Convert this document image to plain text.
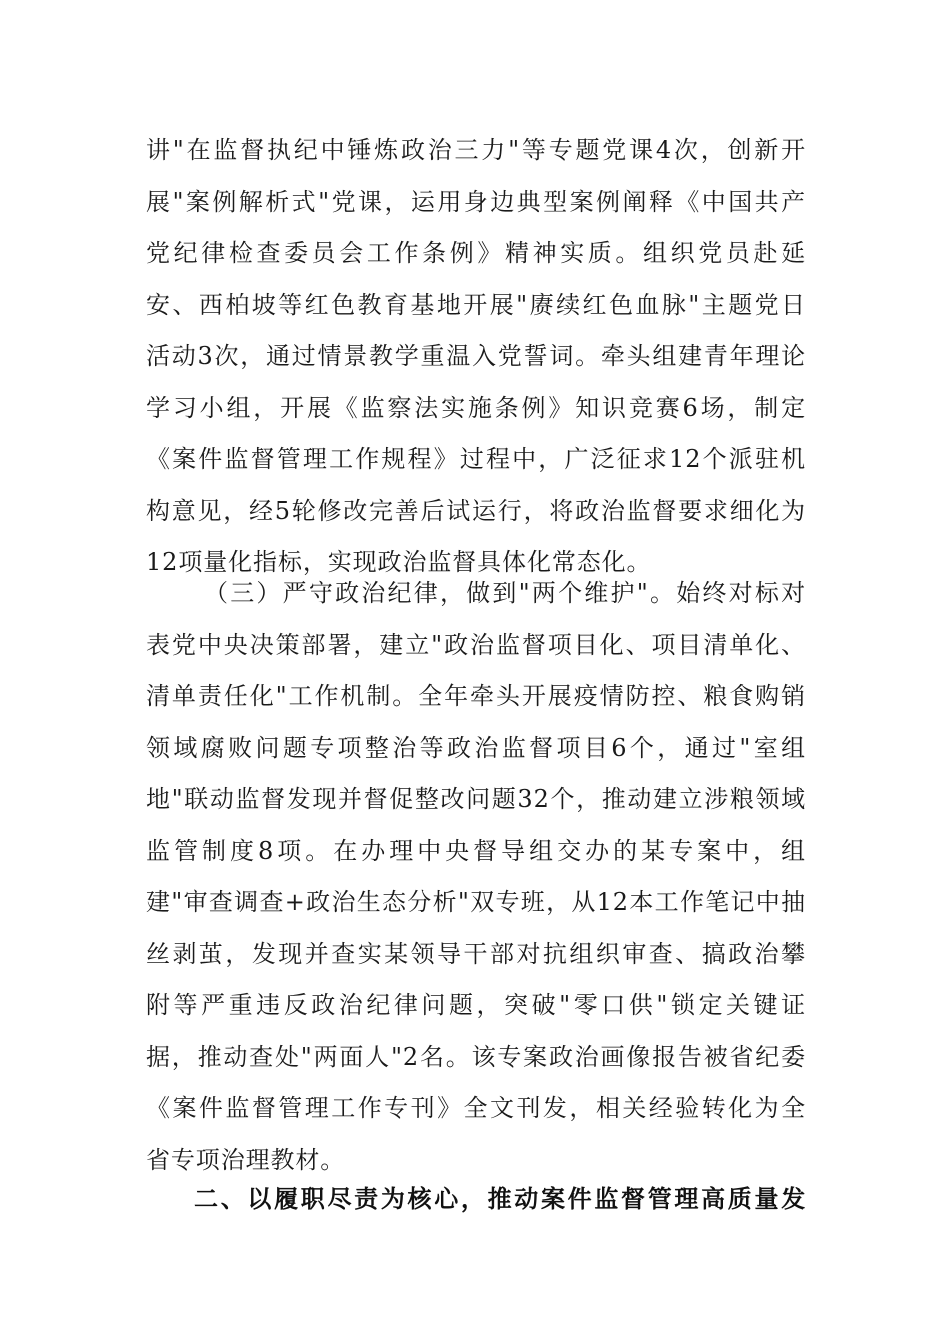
讲"在监督执纪中锤炼政治三力"等专题党课4次，创新开
展"案例解析式"党课，运用身边典型案例阐释《中国共产
党纪律检查委员会工作条例》精神实质。组织党员赴延
安、西柏坡等红色教育基地开展"赓续红色血脉"主题党日
活动3次，通过情景教学重温入党誓词。牵头组建青年理论
学习小组，开展《监察法实施条例》知识竞赛6场，制定
《案件监督管理工作规程》过程中，广泛征求12个派驻机
构意见，经5轮修改完善后试运行，将政治监督要求细化为
12项量化指标，实现政治监督具体化常态化。
（三）严守政治纪律，做到"两个维护"。始终对标对
表党中央决策部署，建立"政治监督项目化、项目清单化、
清单责任化"工作机制。全年牵头开展疫情防控、粮食购销
领域腐败问题专项整治等政治监督项目6个，通过"室组
地"联动监督发现并督促整改问题32个，推动建立涉粮领域
监管制度8项。在办理中央督导组交办的某专案中，组
建"审查调查+政治生态分析"双专班，从12本工作笔记中抽
丝剥茧，发现并查实某领导干部对抗组织审查、搞政治攀
附等严重违反政治纪律问题，突破"零口供"锁定关键证
据，推动查处"两面人"2名。该专案政治画像报告被省纪委
《案件监督管理工作专刊》全文刊发，相关经验转化为全
省专项治理教材。
二、以履职尽责为核心，推动案件监督管理高质量发
